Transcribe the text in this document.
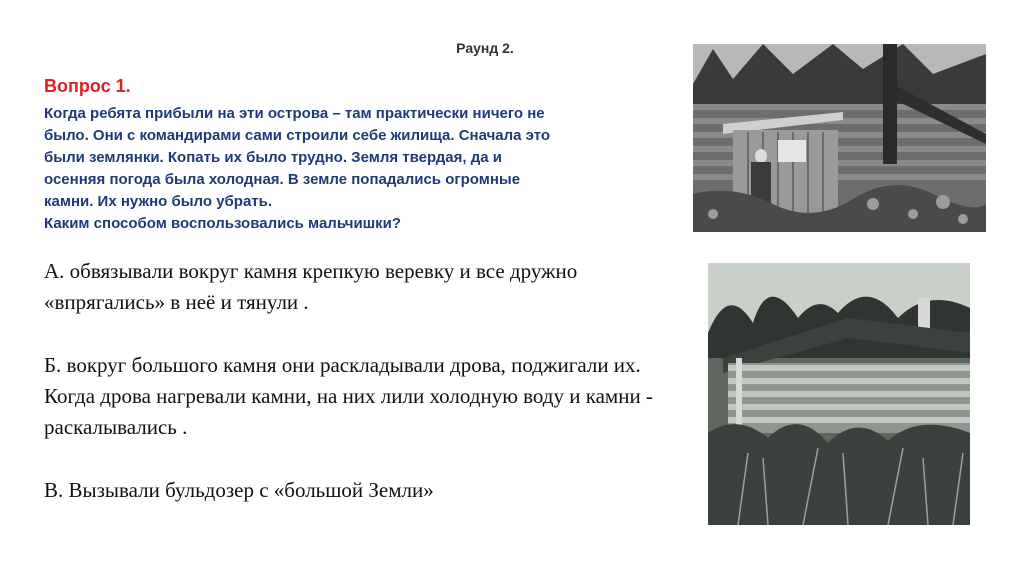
Раунд 2.
Вопрос 1.

Когда ребята прибыли на эти острова – там практически ничего не

было. Они с командирами сами строили себе жилища. Сначала это

были землянки. Копать их было трудно. Земля твердая, да и

осенняя погода была холодная. В земле попадались огромные

камни. Их нужно было убрать.

Каким способом воспользовались мальчишки?

А. обвязывали вокруг камня крепкую веревку и все дружно «впрягались» в неё и тянули .

Б. вокруг большого камня они раскладывали дрова, поджигали их. Когда дрова нагревали камни, на них лили холодную воду и камни - раскалывались .

В. Вызывали бульдозер с «большой Земли»
